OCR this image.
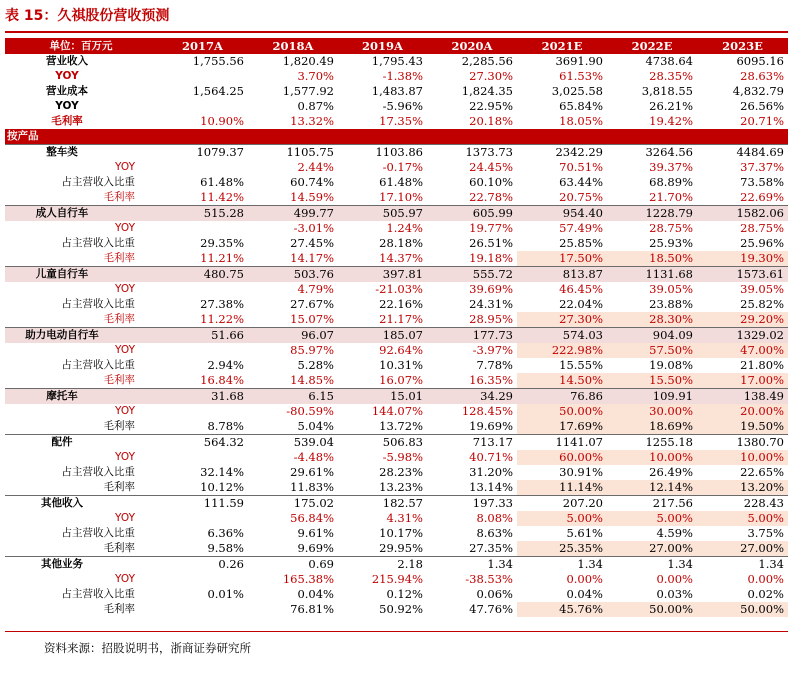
表 15：久祺股份营收预测
单位：百万元	2017A	2018A	2019A	2020A	2021E	2022E	2023E
营业收入	1,755.56	1,820.49	1,795.43	2,285.56	3691.90	4738.64	6095.16
YOY		3.70%	-1.38%	27.30%	61.53%	28.35%	28.63%
营业成本	1,564.25	1,577.92	1,483.87	1,824.35	3,025.58	3,818.55	4,832.79
YOY		0.87%	-5.96%	22.95%	65.84%	26.21%	26.56%
毛利率	10.90%	13.32%	17.35%	20.18%	18.05%	19.42%	20.71%
按产品							
整车类	1079.37	1105.75	1103.86	1373.73	2342.29	3264.56	4484.69
YOY		2.44%	-0.17%	24.45%	70.51%	39.37%	37.37%
占主营收入比重	61.48%	60.74%	61.48%	60.10%	63.44%	68.89%	73.58%
毛利率	11.42%	14.59%	17.10%	22.78%	20.75%	21.70%	22.69%
成人自行车	515.28	499.77	505.97	605.99	954.40	1228.79	1582.06
YOY		-3.01%	1.24%	19.77%	57.49%	28.75%	28.75%
占主营收入比重	29.35%	27.45%	28.18%	26.51%	25.85%	25.93%	25.96%
毛利率	11.21%	14.17%	14.37%	19.18%	17.50%	18.50%	19.30%
儿童自行车	480.75	503.76	397.81	555.72	813.87	1131.68	1573.61
YOY		4.79%	-21.03%	39.69%	46.45%	39.05%	39.05%
占主营收入比重	27.38%	27.67%	22.16%	24.31%	22.04%	23.88%	25.82%
毛利率	11.22%	15.07%	21.17%	28.95%	27.30%	28.30%	29.20%
助力电动自行车	51.66	96.07	185.07	177.73	574.03	904.09	1329.02
YOY		85.97%	92.64%	-3.97%	222.98%	57.50%	47.00%
占主营收入比重	2.94%	5.28%	10.31%	7.78%	15.55%	19.08%	21.80%
毛利率	16.84%	14.85%	16.07%	16.35%	14.50%	15.50%	17.00%
摩托车	31.68	6.15	15.01	34.29	76.86	109.91	138.49
YOY		-80.59%	144.07%	128.45%	50.00%	30.00%	20.00%
毛利率	8.78%	5.04%	13.72%	19.69%	17.69%	18.69%	19.50%
配件	564.32	539.04	506.83	713.17	1141.07	1255.18	1380.70
YOY		-4.48%	-5.98%	40.71%	60.00%	10.00%	10.00%
占主营收入比重	32.14%	29.61%	28.23%	31.20%	30.91%	26.49%	22.65%
毛利率	10.12%	11.83%	13.23%	13.14%	11.14%	12.14%	13.20%
其他收入	111.59	175.02	182.57	197.33	207.20	217.56	228.43
YOY		56.84%	4.31%	8.08%	5.00%	5.00%	5.00%
占主营收入比重	6.36%	9.61%	10.17%	8.63%	5.61%	4.59%	3.75%
毛利率	9.58%	9.69%	29.95%	27.35%	25.35%	27.00%	27.00%
其他业务	0.26	0.69	2.18	1.34	1.34	1.34	1.34
YOY		165.38%	215.94%	-38.53%	0.00%	0.00%	0.00%
占主营收入比重	0.01%	0.04%	0.12%	0.06%	0.04%	0.03%	0.02%
毛利率		76.81%	50.92%	47.76%	45.76%	50.00%	50.00%
资料来源：招股说明书，浙商证券研究所
